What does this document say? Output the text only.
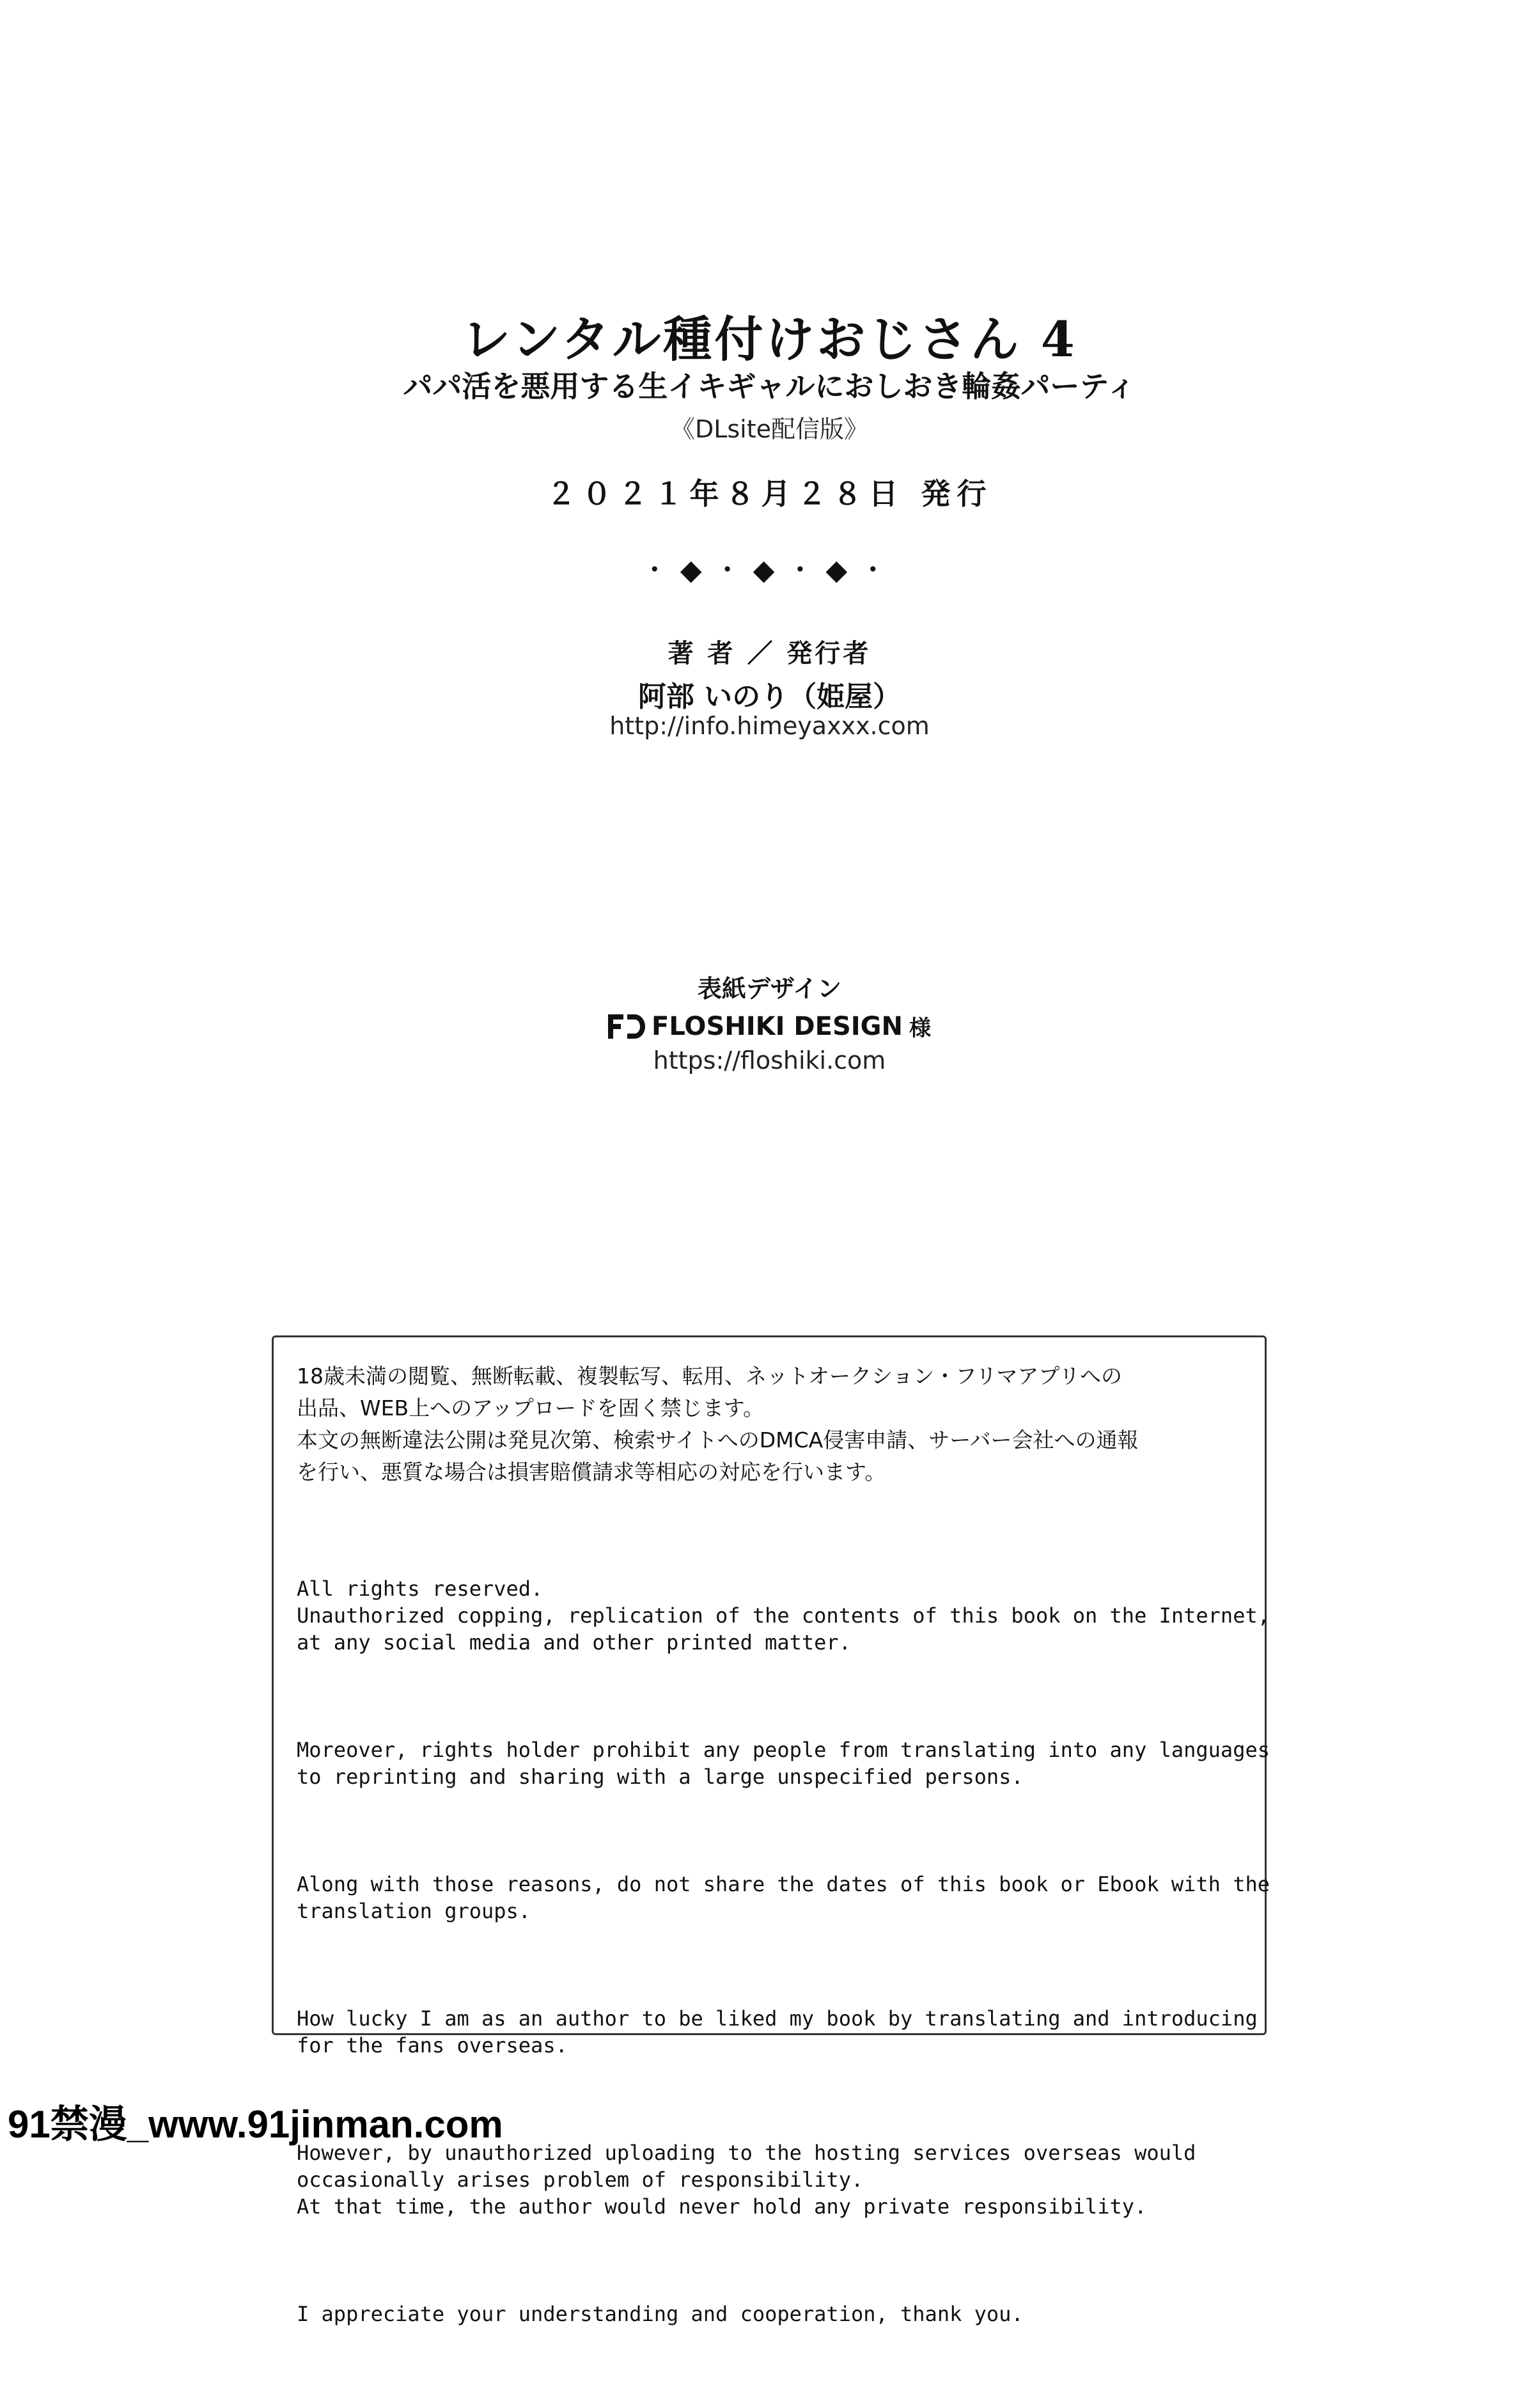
レンタル種付けおじさん 4
パパ活を悪用する生イキギャルにおしおき輪姦パーティ
《DLsite配信版》
２０２１年８月２８日 発行
・◆・◆・◆・
著 者 ／ 発行者
阿部 いのり（姫屋）
http://info.himeyaxxx.com
表紙デザイン
FLOSHIKI DESIGN 様
https://floshiki.com

18歳未満の閲覧、無断転載、複製転写、転用、ネットオークション・フリマアプリへの

出品、WEB上へのアップロードを固く禁じます。

本文の無断違法公開は発見次第、検索サイトへのDMCA侵害申請、サーバー会社への通報

を行い、悪質な場合は損害賠償請求等相応の対応を行います。

All rights reserved.
Unauthorized copping, replication of the contents of this book on the Internet,
at any social media and other printed matter.

Moreover, rights holder prohibit any people from translating into any languages
to reprinting and sharing with a large unspecified persons.

Along with those reasons, do not share the dates of this book or Ebook with the
translation groups.

How lucky I am as an author to be liked my book by translating and introducing
for the fans overseas.

However, by unauthorized uploading to the hosting services overseas would
occasionally arises problem of responsibility.
At that time, the author would never hold any private responsibility.

I appreciate your understanding and cooperation, thank you.

91禁漫_www.91jinman.com
